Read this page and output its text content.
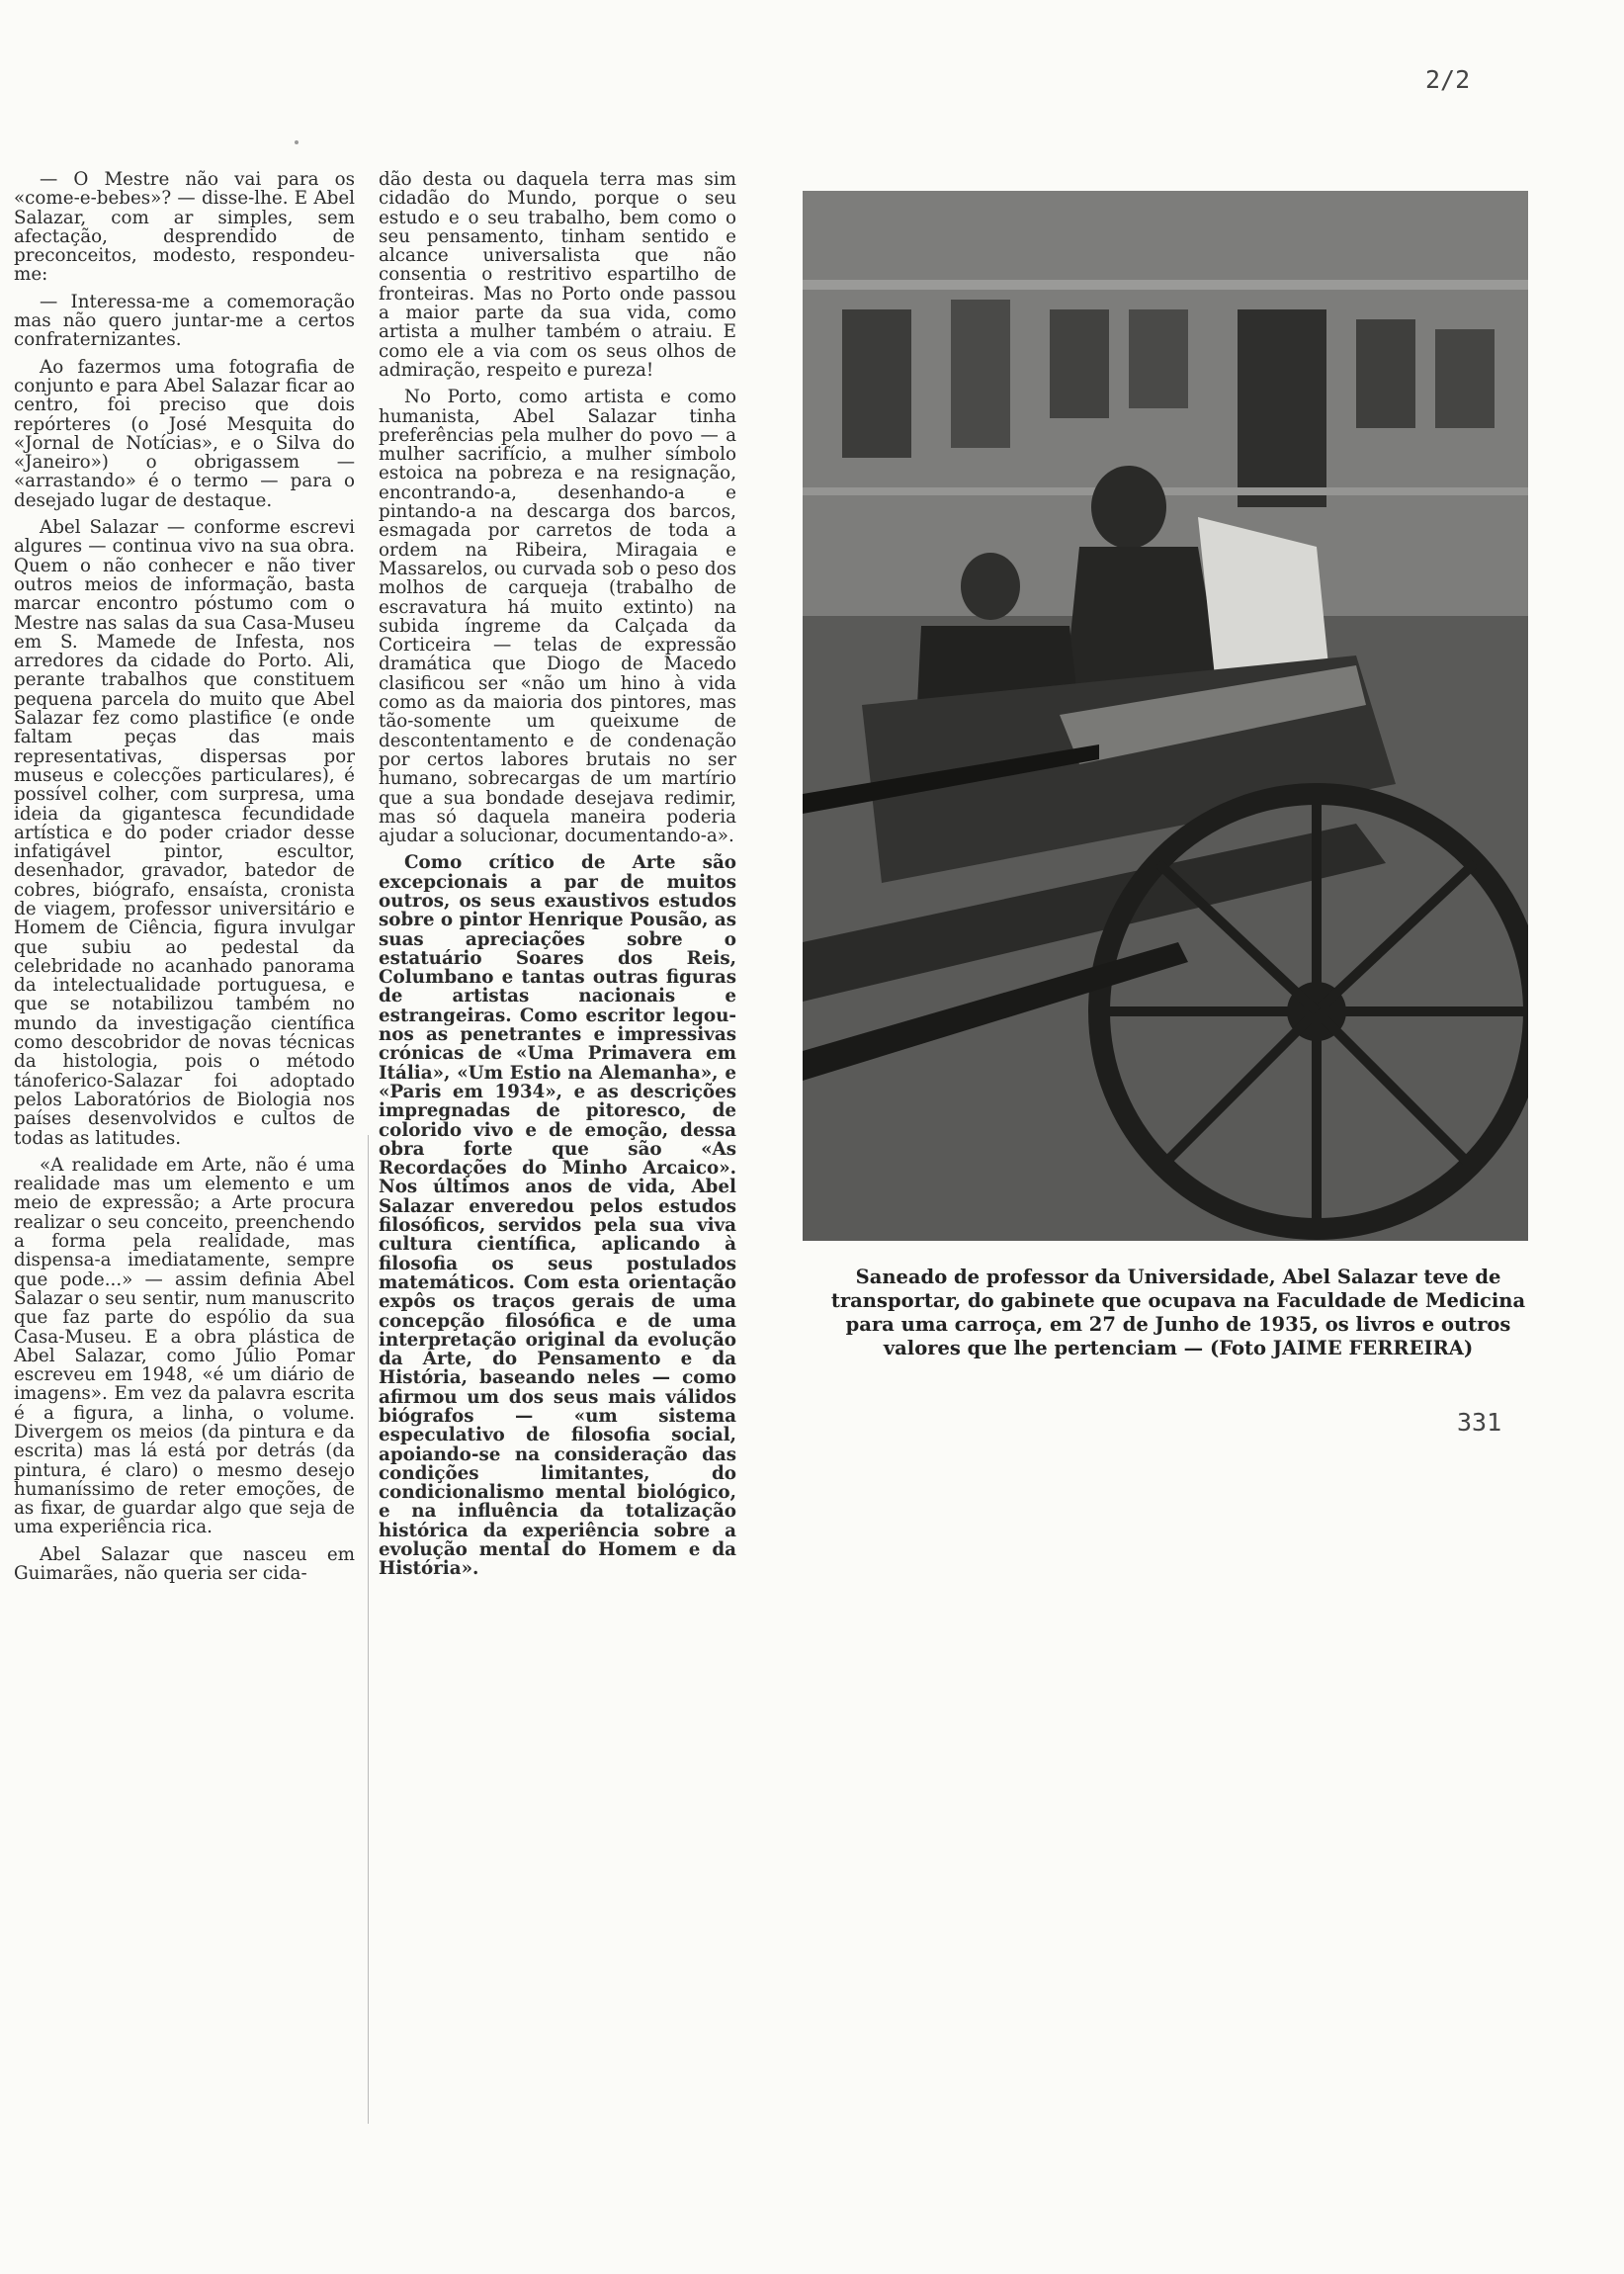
2/2

— O Mestre não vai para os «come-e-bebes»? — disse-lhe. E Abel Salazar, com ar simples, sem afectação, desprendido de preconceitos, modesto, respondeu-me:

— Interessa-me a comemoração mas não quero juntar-me a certos confraternizantes.

Ao fazermos uma fotografia de conjunto e para Abel Salazar ficar ao centro, foi preciso que dois repórteres (o José Mesquita do «Jornal de Notícias», e o Silva do «Janeiro») o obrigassem — «arrastando» é o termo — para o desejado lugar de destaque.

Abel Salazar — conforme escrevi algures — continua vivo na sua obra. Quem o não conhecer e não tiver outros meios de informação, basta marcar encontro póstumo com o Mestre nas salas da sua Casa-Museu em S. Mamede de Infesta, nos arredores da cidade do Porto. Ali, perante trabalhos que constituem pequena parcela do muito que Abel Salazar fez como plastifice (e onde faltam peças das mais representativas, dispersas por museus e colecções particulares), é possível colher, com surpresa, uma ideia da gigantesca fecundidade artística e do poder criador desse infatigável pintor, escultor, desenhador, gravador, batedor de cobres, biógrafo, ensaísta, cronista de viagem, professor universitário e Homem de Ciência, figura invulgar que subiu ao pedestal da celebridade no acanhado panorama da intelectualidade portuguesa, e que se notabilizou também no mundo da investigação científica como descobridor de novas técnicas da histologia, pois o método tánoferico-Salazar foi adoptado pelos Laboratórios de Biologia nos países desenvolvidos e cultos de todas as latitudes.

«A realidade em Arte, não é uma realidade mas um elemento e um meio de expressão; a Arte procura realizar o seu conceito, preenchendo a forma pela realidade, mas dispensa-a imediatamente, sempre que pode...» — assim definia Abel Salazar o seu sentir, num manuscrito que faz parte do espólio da sua Casa-Museu. E a obra plástica de Abel Salazar, como Júlio Pomar escreveu em 1948, «é um diário de imagens». Em vez da palavra escrita é a figura, a linha, o volume. Divergem os meios (da pintura e da escrita) mas lá está por detrás (da pintura, é claro) o mesmo desejo humaníssimo de reter emoções, de as fixar, de guardar algo que seja de uma experiência rica.

Abel Salazar que nasceu em Guimarães, não queria ser cida-

dão desta ou daquela terra mas sim cidadão do Mundo, porque o seu estudo e o seu trabalho, bem como o seu pensamento, tinham sentido e alcance universalista que não consentia o restritivo espartilho de fronteiras. Mas no Porto onde passou a maior parte da sua vida, como artista a mulher também o atraiu. E como ele a via com os seus olhos de admiração, respeito e pureza!

No Porto, como artista e como humanista, Abel Salazar tinha preferências pela mulher do povo — a mulher sacrifício, a mulher símbolo estoica na pobreza e na resignação, encontrando-a, desenhando-a e pintando-a na descarga dos barcos, esmagada por carretos de toda a ordem na Ribeira, Miragaia e Massarelos, ou curvada sob o peso dos molhos de carqueja (trabalho de escravatura há muito extinto) na subida íngreme da Calçada da Corticeira — telas de expressão dramática que Diogo de Macedo clasificou ser «não um hino à vida como as da maioria dos pintores, mas tão-somente um queixume de descontentamento e de condenação por certos labores brutais no ser humano, sobrecargas de um martírio que a sua bondade desejava redimir, mas só daquela maneira poderia ajudar a solucionar, documentando-a».

Como crítico de Arte são excepcionais a par de muitos outros, os seus exaustivos estudos sobre o pintor Henrique Pousão, as suas apreciações sobre o estatuário Soares dos Reis, Columbano e tantas outras figuras de artistas nacionais e estrangeiras. Como escritor legou-nos as penetrantes e impressivas crónicas de «Uma Primavera em Itália», «Um Estio na Alemanha», e «Paris em 1934», e as descrições impregnadas de pitoresco, de colorido vivo e de emoção, dessa obra forte que são «As Recordações do Minho Arcaico». Nos últimos anos de vida, Abel Salazar enveredou pelos estudos filosóficos, servidos pela sua viva cultura científica, aplicando à filosofia os seus postulados matemáticos. Com esta orientação expôs os traços gerais de uma concepção filosófica e de uma interpretação original da evolução da Arte, do Pensamento e da História, baseando neles — como afirmou um dos seus mais válidos biógrafos — «um sistema especulativo de filosofia social, apoiando-se na consideração das condições limitantes, do condicionalismo mental biológico, e na influência da totalização histórica da experiência sobre a evolução mental do Homem e da História».

Saneado de professor da Universidade, Abel Salazar teve de transportar, do gabinete que ocupava na Faculdade de Medicina para uma carroça, em 27 de Junho de 1935, os livros e outros valores que lhe pertenciam — (Foto JAIME FERREIRA)
331
